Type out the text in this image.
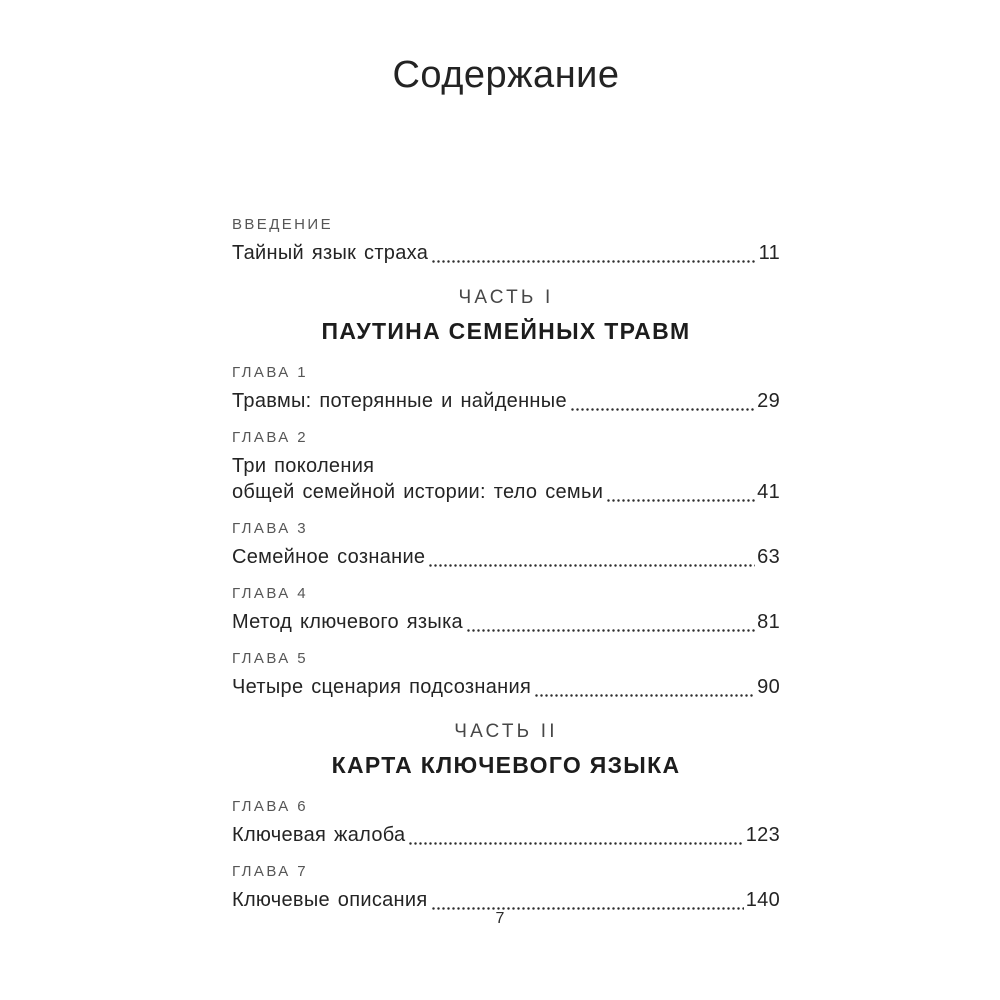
Содержание
ВВЕДЕНИЕ
Тайный язык страха	11
ЧАСТЬ I
ПАУТИНА СЕМЕЙНЫХ ТРАВМ
ГЛАВА 1
Травмы: потерянные и найденные	29
ГЛАВА 2
Три поколения
общей семейной истории: тело семьи	41
ГЛАВА 3
Семейное сознание	63
ГЛАВА 4
Метод ключевого языка	81
ГЛАВА 5
Четыре сценария подсознания	90
ЧАСТЬ II
КАРТА КЛЮЧЕВОГО ЯЗЫКА
ГЛАВА 6
Ключевая жалоба	123
ГЛАВА 7
Ключевые описания	140
7
